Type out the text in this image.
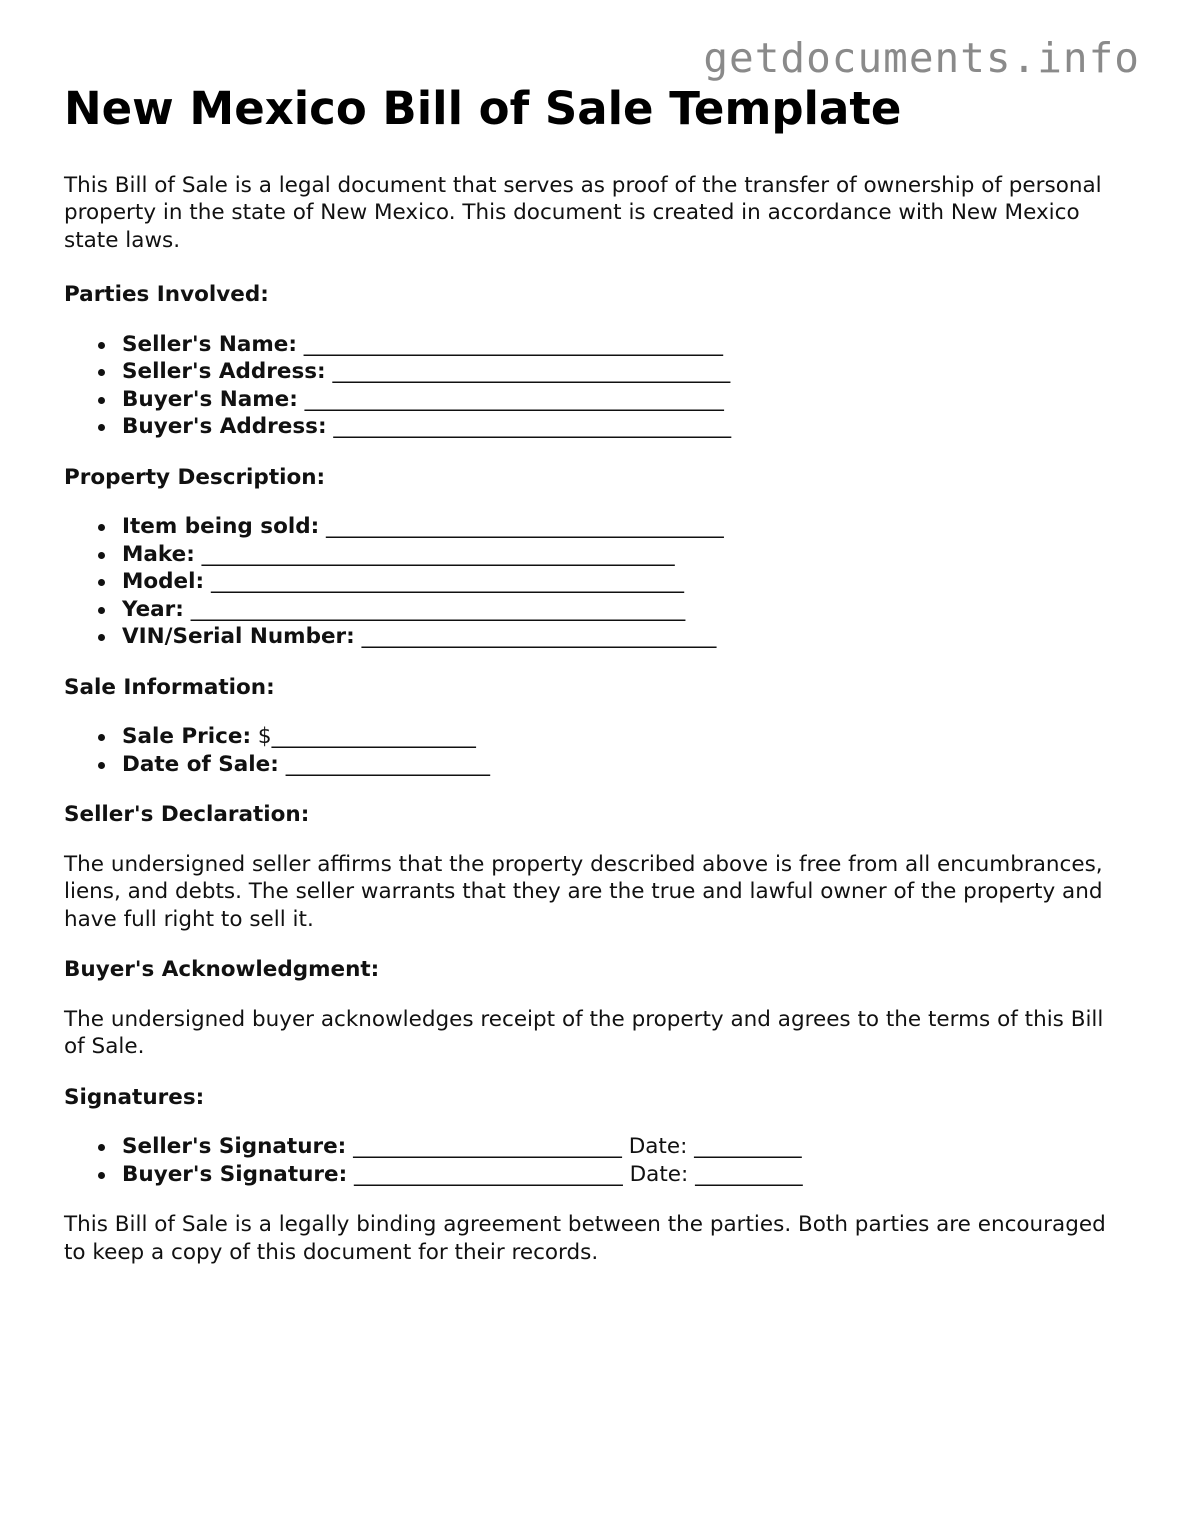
getdocuments.info
New Mexico Bill of Sale Template

This Bill of Sale is a legal document that serves as proof of the transfer of ownership of personal property in the state of New Mexico. This document is created in accordance with New Mexico state laws.

Parties Involved:
Seller's Name: _______________________________________
Seller's Address: _____________________________________
Buyer's Name: _______________________________________
Buyer's Address: _____________________________________
Property Description:
Item being sold: _____________________________________
Make: ____________________________________________
Model: ____________________________________________
Year: ______________________________________________
VIN/Serial Number: _________________________________
Sale Information:
Sale Price: $___________________
Date of Sale: ___________________
Seller's Declaration:

The undersigned seller affirms that the property described above is free from all encumbrances, liens, and debts. The seller warrants that they are the true and lawful owner of the property and have full right to sell it.

Buyer's Acknowledgment:

The undersigned buyer acknowledges receipt of the property and agrees to the terms of this Bill of Sale.

Signatures:
Seller's Signature: _________________________ Date: __________
Buyer's Signature: _________________________ Date: __________

This Bill of Sale is a legally binding agreement between the parties. Both parties are encouraged to keep a copy of this document for their records.
